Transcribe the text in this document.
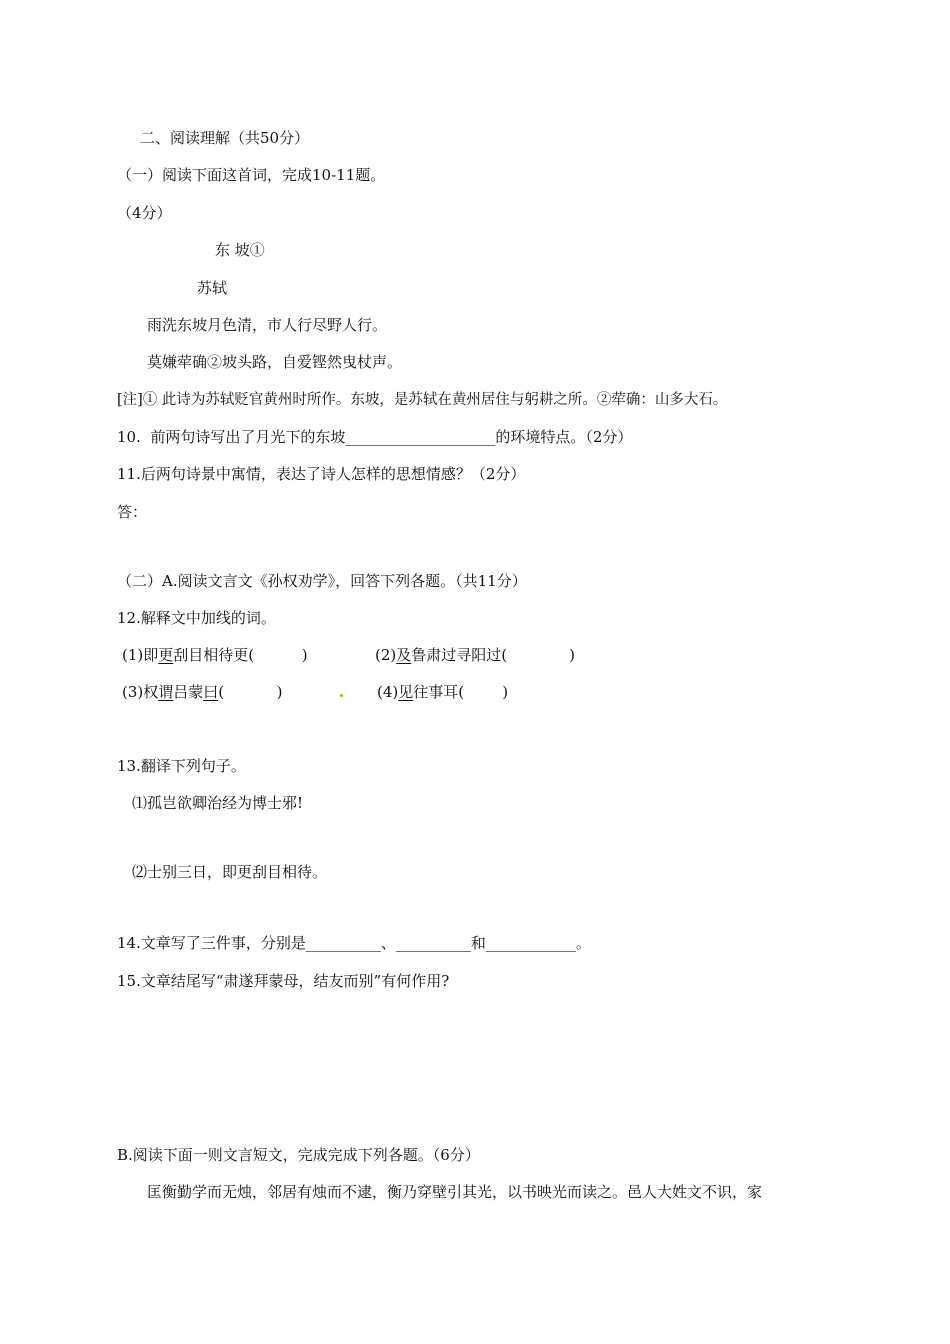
二、阅读理解（共50分）
（一）阅读下面这首词，完成10-11题。
（4分）
东 坡①
苏轼
雨洗东坡月色清，市人行尽野人行。
莫嫌荦确②坡头路，自爱铿然曳杖声。
[注]① 此诗为苏轼贬官黄州时所作。东坡，是苏轼在黄州居住与躬耕之所。②荦确：山多大石。
10.  前两句诗写出了月光下的东坡____________________的环境特点。（2分）
11.后两句诗景中寓情，表达了诗人怎样的思想情感？（2分）
答：
（二）A.阅读文言文《孙权劝学》，回答下列各题。（共11分）
12.解释文中加线的词。
(1)即更刮目相待更(          )	(2)及鲁肃过寻阳过(             )
(3)权谓吕蒙曰(           )	(4)见往事耳(        )
13.翻译下列句子。
⑴孤岂欲卿治经为博士邪!
⑵士别三日，即更刮目相待。
14.文章写了三件事，分别是__________、__________和____________。
15.文章结尾写“肃遂拜蒙母，结友而别”有何作用?
B.阅读下面一则文言短文，完成完成下列各题。（6分）
匡衡勤学而无烛，邻居有烛而不逮，衡乃穿壁引其光，以书映光而读之。邑人大姓文不识，家
